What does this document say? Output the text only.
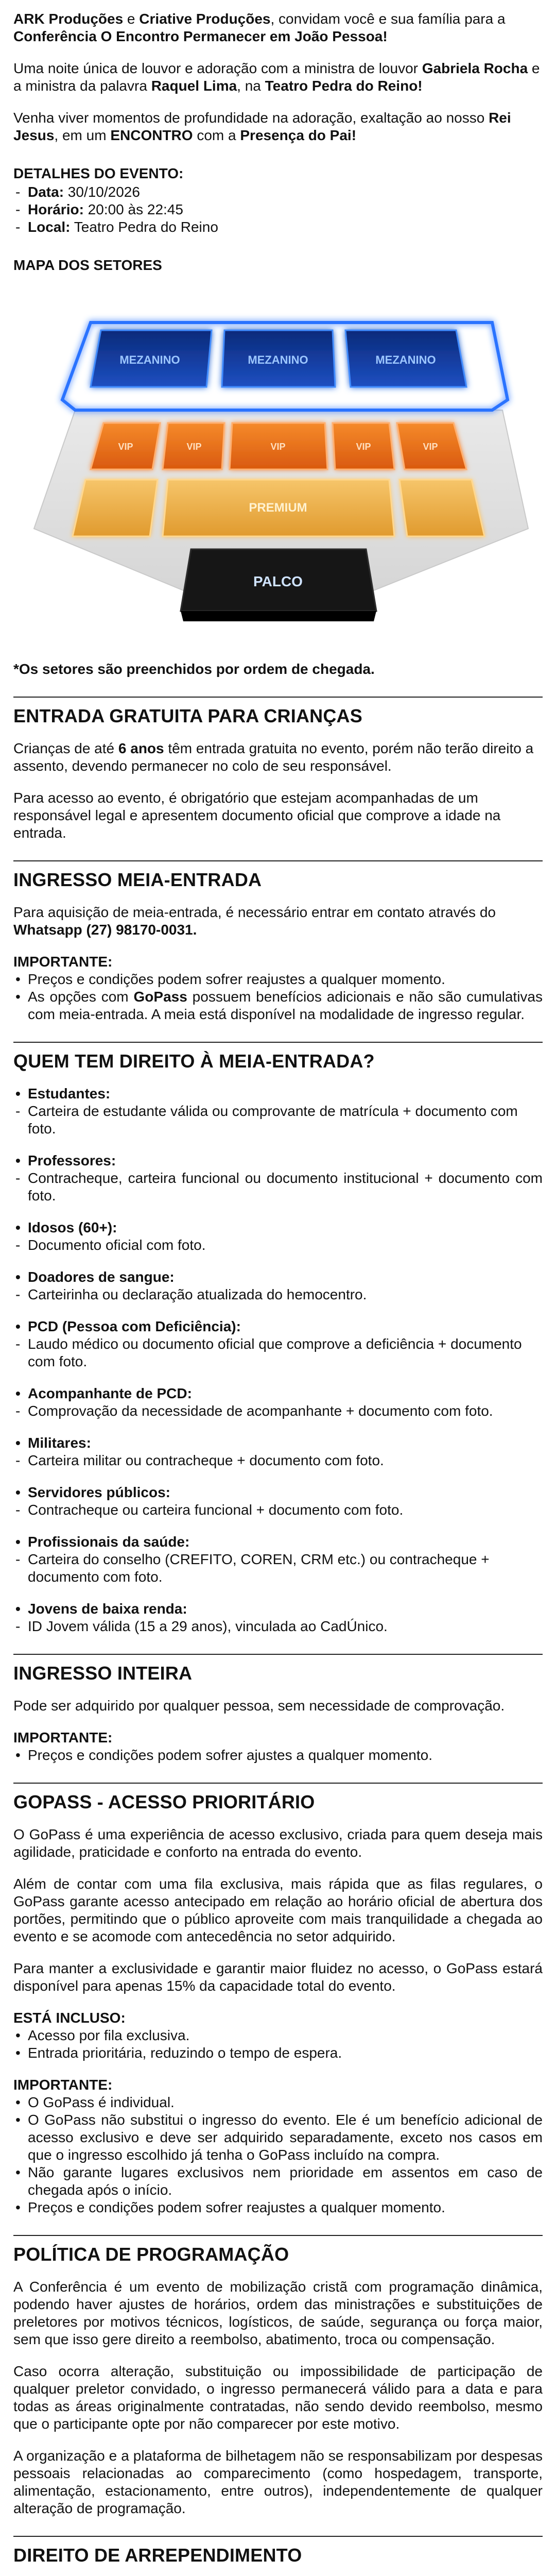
ARK Produções e Criative Produções, convidam você e sua família para a Conferência O Encontro Permanecer em João Pessoa!

Uma noite única de louvor e adoração com a ministra de louvor Gabriela Rocha e a ministra da palavra Raquel Lima, na Teatro Pedra do Reino!

Venha viver momentos de profundidade na adoração, exaltação ao nosso Rei Jesus, em um ENCONTRO com a Presença do Pai!

DETALHES DO EVENTO:
- Data: 30/10/2026
- Horário: 20:00 às 22:45
- Local: Teatro Pedra do Reino
MAPA DOS SETORES
MEZANINO	MEZANINO	MEZANINO
VIP	VIP	VIP	VIP	VIP
PREMIUM
PALCO

*Os setores são preenchidos por ordem de chegada.

ENTRADA GRATUITA PARA CRIANÇAS

Crianças de até 6 anos têm entrada gratuita no evento, porém não terão direito a assento, devendo permanecer no colo de seu responsável.

Para acesso ao evento, é obrigatório que estejam acompanhadas de um responsável legal e apresentem documento oficial que comprove a idade na entrada.

INGRESSO MEIA-ENTRADA

Para aquisição de meia-entrada, é necessário entrar em contato através do Whatsapp (27) 98170-0031.

IMPORTANTE:

• Preços e condições podem sofrer reajustes a qualquer momento.
• As opções com GoPass possuem benefícios adicionais e não são cumulativas com meia-entrada. A meia está disponível na modalidade de ingresso regular.
QUEM TEM DIREITO À MEIA-ENTRADA?
• Estudantes:
- Carteira de estudante válida ou comprovante de matrícula + documento com foto.
• Professores:
- Contracheque, carteira funcional ou documento institucional + documento com foto.
• Idosos (60+):
- Documento oficial com foto.
• Doadores de sangue:
- Carteirinha ou declaração atualizada do hemocentro.
• PCD (Pessoa com Deficiência):
- Laudo médico ou documento oficial que comprove a deficiência + documento com foto.
• Acompanhante de PCD:
- Comprovação da necessidade de acompanhante + documento com foto.
• Militares:
- Carteira militar ou contracheque + documento com foto.
• Servidores públicos:
- Contracheque ou carteira funcional + documento com foto.
• Profissionais da saúde:
- Carteira do conselho (CREFITO, COREN, CRM etc.) ou contracheque + documento com foto.
• Jovens de baixa renda:
- ID Jovem válida (15 a 29 anos), vinculada ao CadÚnico.
INGRESSO INTEIRA

Pode ser adquirido por qualquer pessoa, sem necessidade de comprovação.

IMPORTANTE:

• Preços e condições podem sofrer ajustes a qualquer momento.
GOPASS - ACESSO PRIORITÁRIO

O GoPass é uma experiência de acesso exclusivo, criada para quem deseja mais agilidade, praticidade e conforto na entrada do evento.

Além de contar com uma fila exclusiva, mais rápida que as filas regulares, o GoPass garante acesso antecipado em relação ao horário oficial de abertura dos portões, permitindo que o público aproveite com mais tranquilidade a chegada ao evento e se acomode com antecedência no setor adquirido.

Para manter a exclusividade e garantir maior fluidez no acesso, o GoPass estará disponível para apenas 15% da capacidade total do evento.

ESTÁ INCLUSO:

• Acesso por fila exclusiva.
• Entrada prioritária, reduzindo o tempo de espera.

IMPORTANTE:

• O GoPass é individual.
• O GoPass não substitui o ingresso do evento. Ele é um benefício adicional de acesso exclusivo e deve ser adquirido separadamente, exceto nos casos em que o ingresso escolhido já tenha o GoPass incluído na compra.
• Não garante lugares exclusivos nem prioridade em assentos em caso de chegada após o início.
• Preços e condições podem sofrer reajustes a qualquer momento.
POLÍTICA DE PROGRAMAÇÃO

A Conferência é um evento de mobilização cristã com programação dinâmica, podendo haver ajustes de horários, ordem das ministrações e substituições de preletores por motivos técnicos, logísticos, de saúde, segurança ou força maior, sem que isso gere direito a reembolso, abatimento, troca ou compensação.

Caso ocorra alteração, substituição ou impossibilidade de participação de qualquer preletor convidado, o ingresso permanecerá válido para a data e para todas as áreas originalmente contratadas, não sendo devido reembolso, mesmo que o participante opte por não comparecer por este motivo.

A organização e a plataforma de bilhetagem não se responsabilizam por despesas pessoais relacionadas ao comparecimento (como hospedagem, transporte, alimentação, estacionamento, entre outros), independentemente de qualquer alteração de programação.

DIREITO DE ARREPENDIMENTO
